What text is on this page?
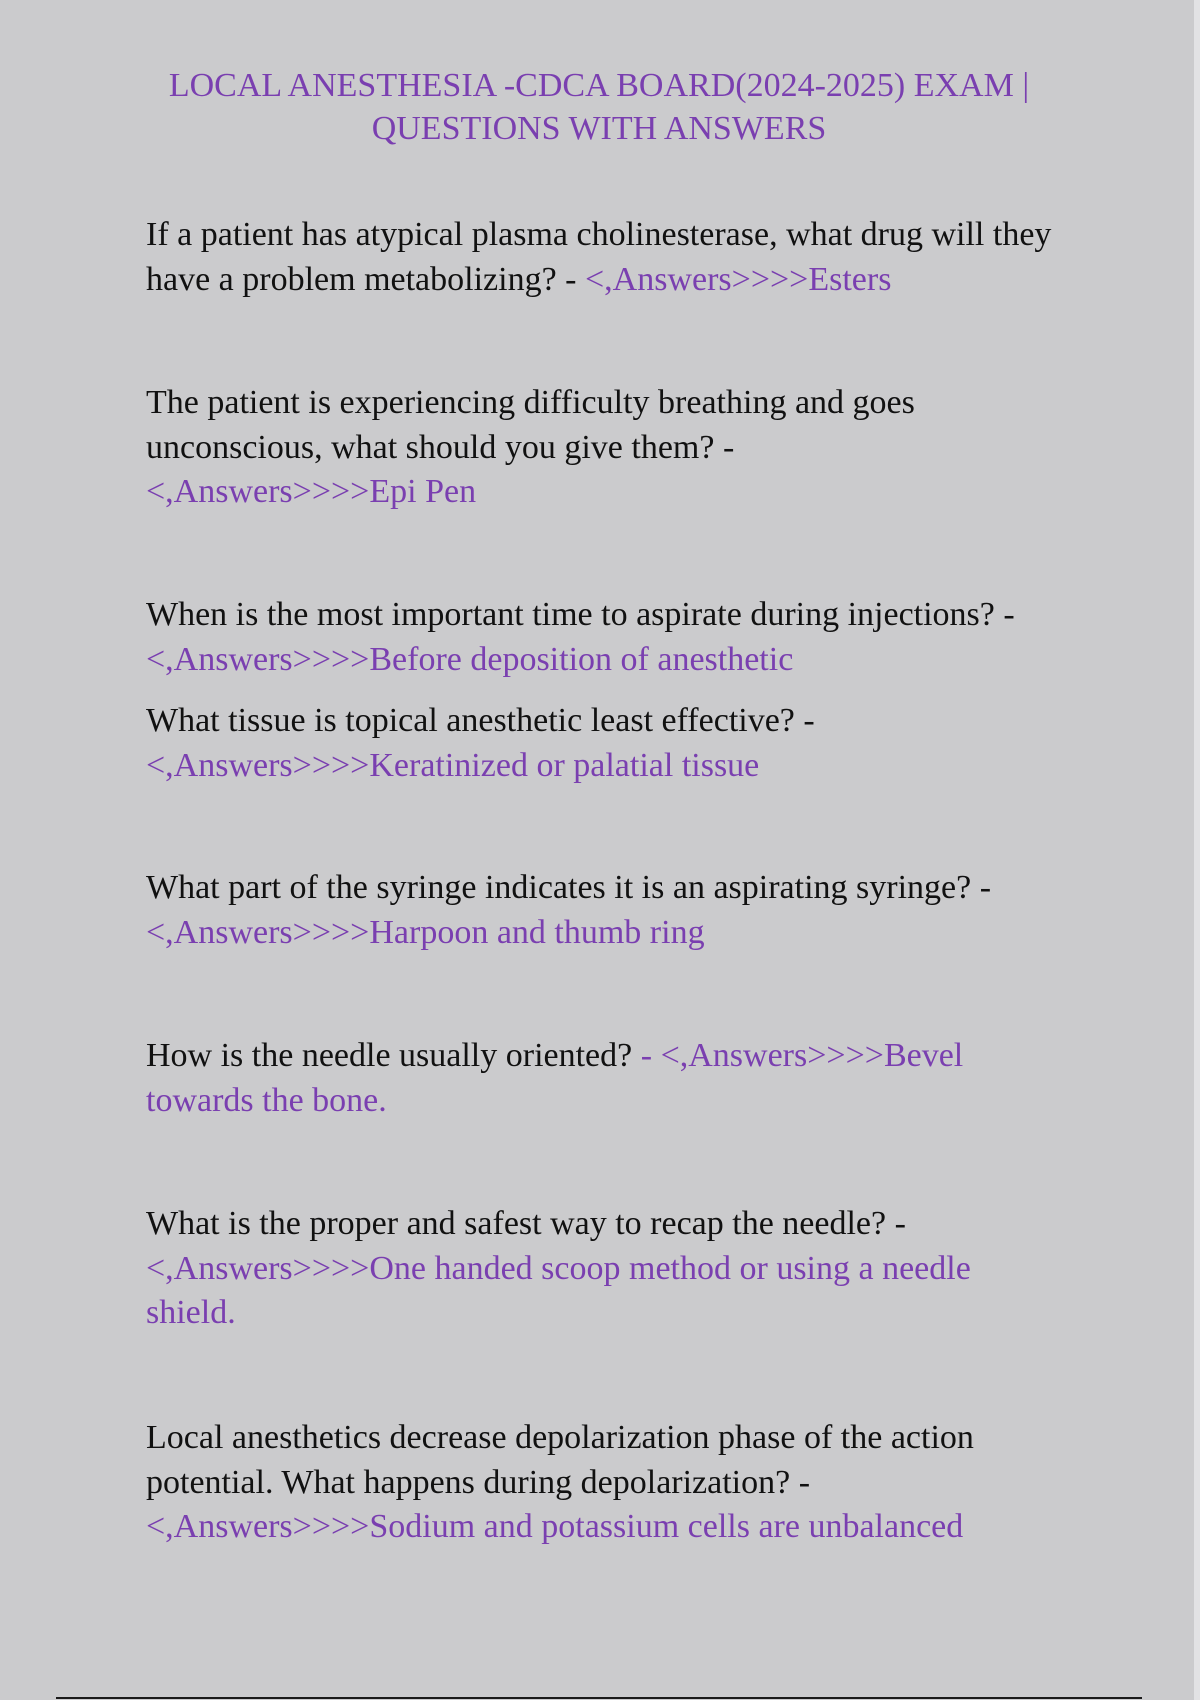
LOCAL ANESTHESIA -CDCA BOARD(2024-2025) EXAM | QUESTIONS WITH ANSWERS

If a patient has atypical plasma cholinesterase, what drug will they have a problem metabolizing? - <,Answers>>>>Esters

The patient is experiencing difficulty breathing and goes unconscious, what should you give them? -
<,Answers>>>>Epi Pen

When is the most important time to aspirate during injections? - <,Answers>>>>Before deposition of anesthetic

What tissue is topical anesthetic least effective? -
<,Answers>>>>Keratinized or palatial tissue

What part of the syringe indicates it is an aspirating syringe? -
<,Answers>>>>Harpoon and thumb ring

How is the needle usually oriented? - <,Answers>>>>Bevel towards the bone.

What is the proper and safest way to recap the needle? -
<,Answers>>>>One handed scoop method or using a needle shield.

Local anesthetics decrease depolarization phase of the action potential. What happens during depolarization? -
<,Answers>>>>Sodium and potassium cells are unbalanced
